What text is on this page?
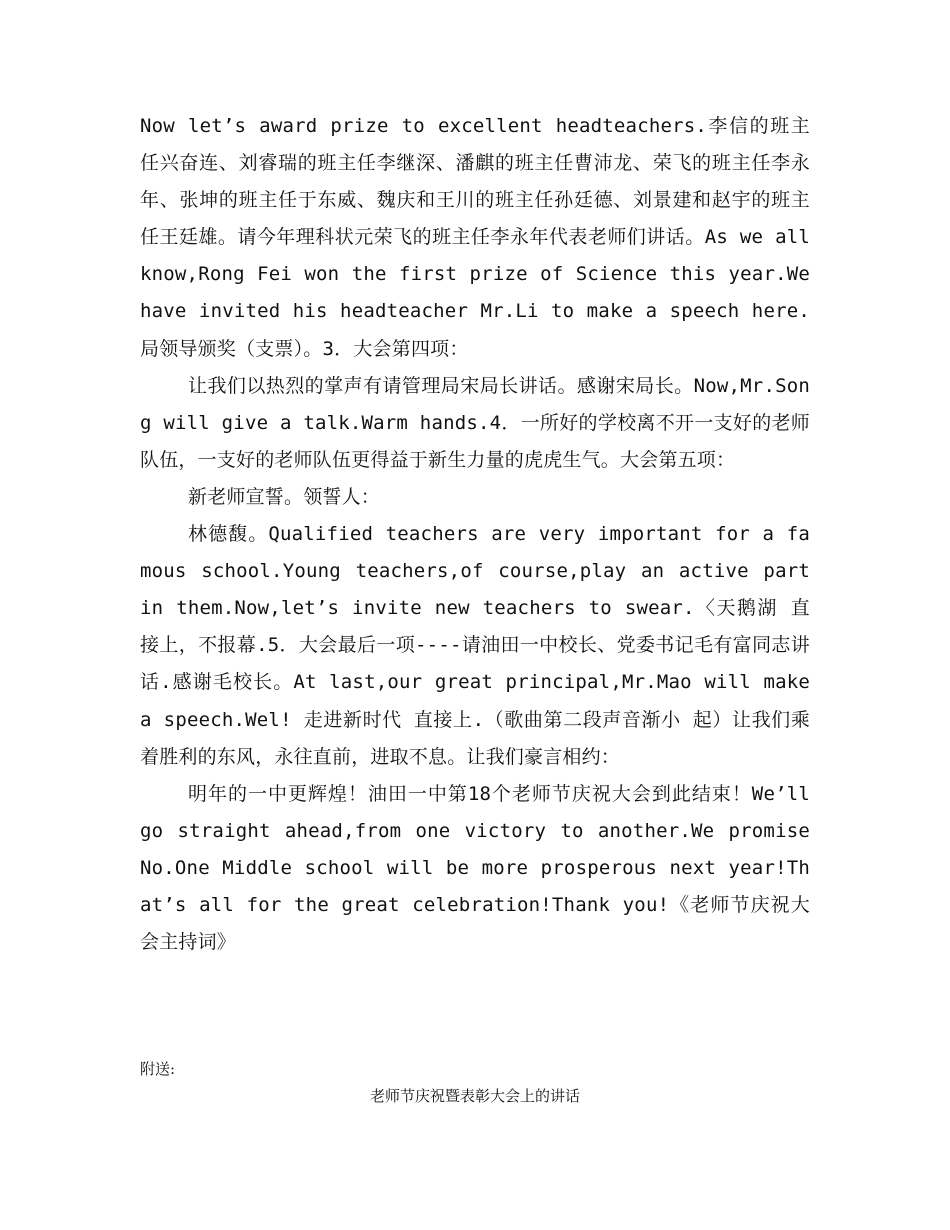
Now let’s award prize to excellent headteachers.李信的班主任兴奋连、刘睿瑞的班主任李继深、潘麒的班主任曹沛龙、荣飞的班主任李永年、张坤的班主任于东威、魏庆和王川的班主任孙廷德、刘景建和赵宇的班主任王廷雄。请今年理科状元荣飞的班主任李永年代表老师们讲话。As we all know,Rong Fei won the first prize of Science this year.We have invited his headteacher Mr.Li to make a speech here.局领导颁奖（支票）。3．大会第四项：

让我们以热烈的掌声有请管理局宋局长讲话。感谢宋局长。Now,Mr.Song will give a talk.Warm hands.4．一所好的学校离不开一支好的老师队伍，一支好的老师队伍更得益于新生力量的虎虎生气。大会第五项：

新老师宣誓。领誓人：

林德馥。Qualified teachers are very important for a famous school.Young teachers,of course,play an active part in them.Now,let’s invite new teachers to swear.〈天鹅湖 直接上，不报幕.5．大会最后一项----请油田一中校长、党委书记毛有富同志讲话.感谢毛校长。At last,our great principal,Mr.Mao will make a speech.Wel! 走进新时代 直接上.（歌曲第二段声音渐小 起）让我们乘着胜利的东风，永往直前，进取不息。让我们豪言相约：

明年的一中更辉煌！油田一中第18个老师节庆祝大会到此结束！We’ll go straight ahead,from one victory to another.We promise No.One Middle school will be more prosperous next year!That’s all for the great celebration!Thank you!《老师节庆祝大会主持词》

附送:
老师节庆祝暨表彰大会上的讲话
